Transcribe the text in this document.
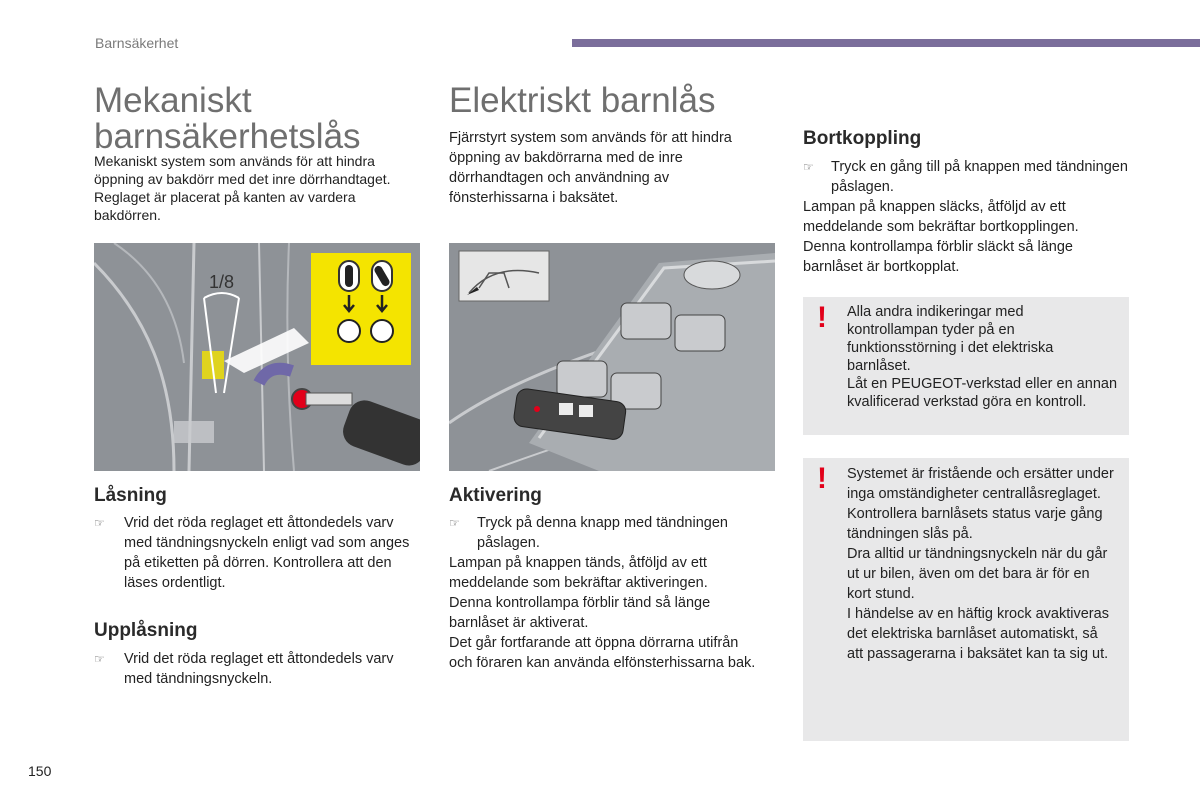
Barnsäkerhet
Mekaniskt
barnsäkerhetslås

Mekaniskt system som används för att hindra öppning av bakdörr med det inre dörrhandtaget.

Reglaget är placerat på kanten av vardera bakdörren.

1/8
Låsning
☞ Vrid det röda reglaget ett åttondedels varv med tändningsnyckeln enligt vad som anges på etiketten på dörren. Kontrollera att den läses ordentligt.
Upplåsning
☞ Vrid det röda reglaget ett åttondedels varv med tändningsnyckeln.
Elektriskt barnlås

Fjärrstyrt system som används för att hindra öppning av bakdörrarna med de inre dörrhandtagen och användning av fönsterhissarna i baksätet.

Aktivering
☞ Tryck på denna knapp med tändningen påslagen.

Lampan på knappen tänds, åtföljd av ett meddelande som bekräftar aktiveringen.

Denna kontrollampa förblir tänd så länge barnlåset är aktiverat.

Det går fortfarande att öppna dörrarna utifrån och föraren kan använda elfönsterhissarna bak.

Bortkoppling
☞ Tryck en gång till på knappen med tändningen påslagen.

Lampan på knappen släcks, åtföljd av ett meddelande som bekräftar bortkopplingen.

Denna kontrollampa förblir släckt så länge barnlåset är bortkopplat.

! Alla andra indikeringar med kontrollampan tyder på en funktionsstörning i det elektriska barnlåset.

Låt en PEUGEOT-verkstad eller en annan kvalificerad verkstad göra en kontroll.

! Systemet är fristående och ersätter under inga omständigheter centrallåsreglaget.

Kontrollera barnlåsets status varje gång tändningen slås på.

Dra alltid ur tändningsnyckeln när du går ut ur bilen, även om det bara är för en kort stund.

I händelse av en häftig krock avaktiveras det elektriska barnlåset automatiskt, så att passagerarna i baksätet kan ta sig ut.

150
